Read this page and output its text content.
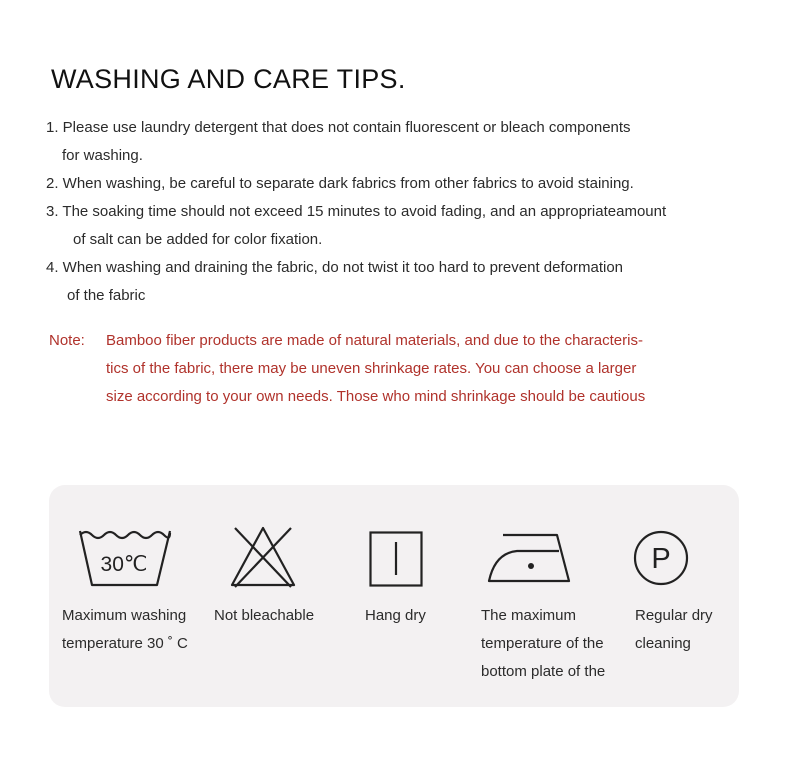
WASHING AND CARE TIPS.
1. Please use laundry detergent that does not contain fluorescent or bleach components
for washing.
2. When washing, be careful to separate dark fabrics from other fabrics to avoid staining.
3. The soaking time should not exceed 15 minutes to avoid fading, and an appropriateamount
of salt can be added for color fixation.
4. When washing and draining the fabric, do not twist it too hard to prevent deformation
of the fabric
Note: Bamboo fiber products are made of natural materials, and due to the characteris-
tics of the fabric, there may be uneven shrinkage rates. You can choose a larger
size according to your own needs. Those who mind shrinkage should be cautious
30℃	P
Maximum washing
temperature 30 ˚ C
Not bleachable	Hang dry	The maximum
temperature of the
bottom plate of the
Regular dry
cleaning
